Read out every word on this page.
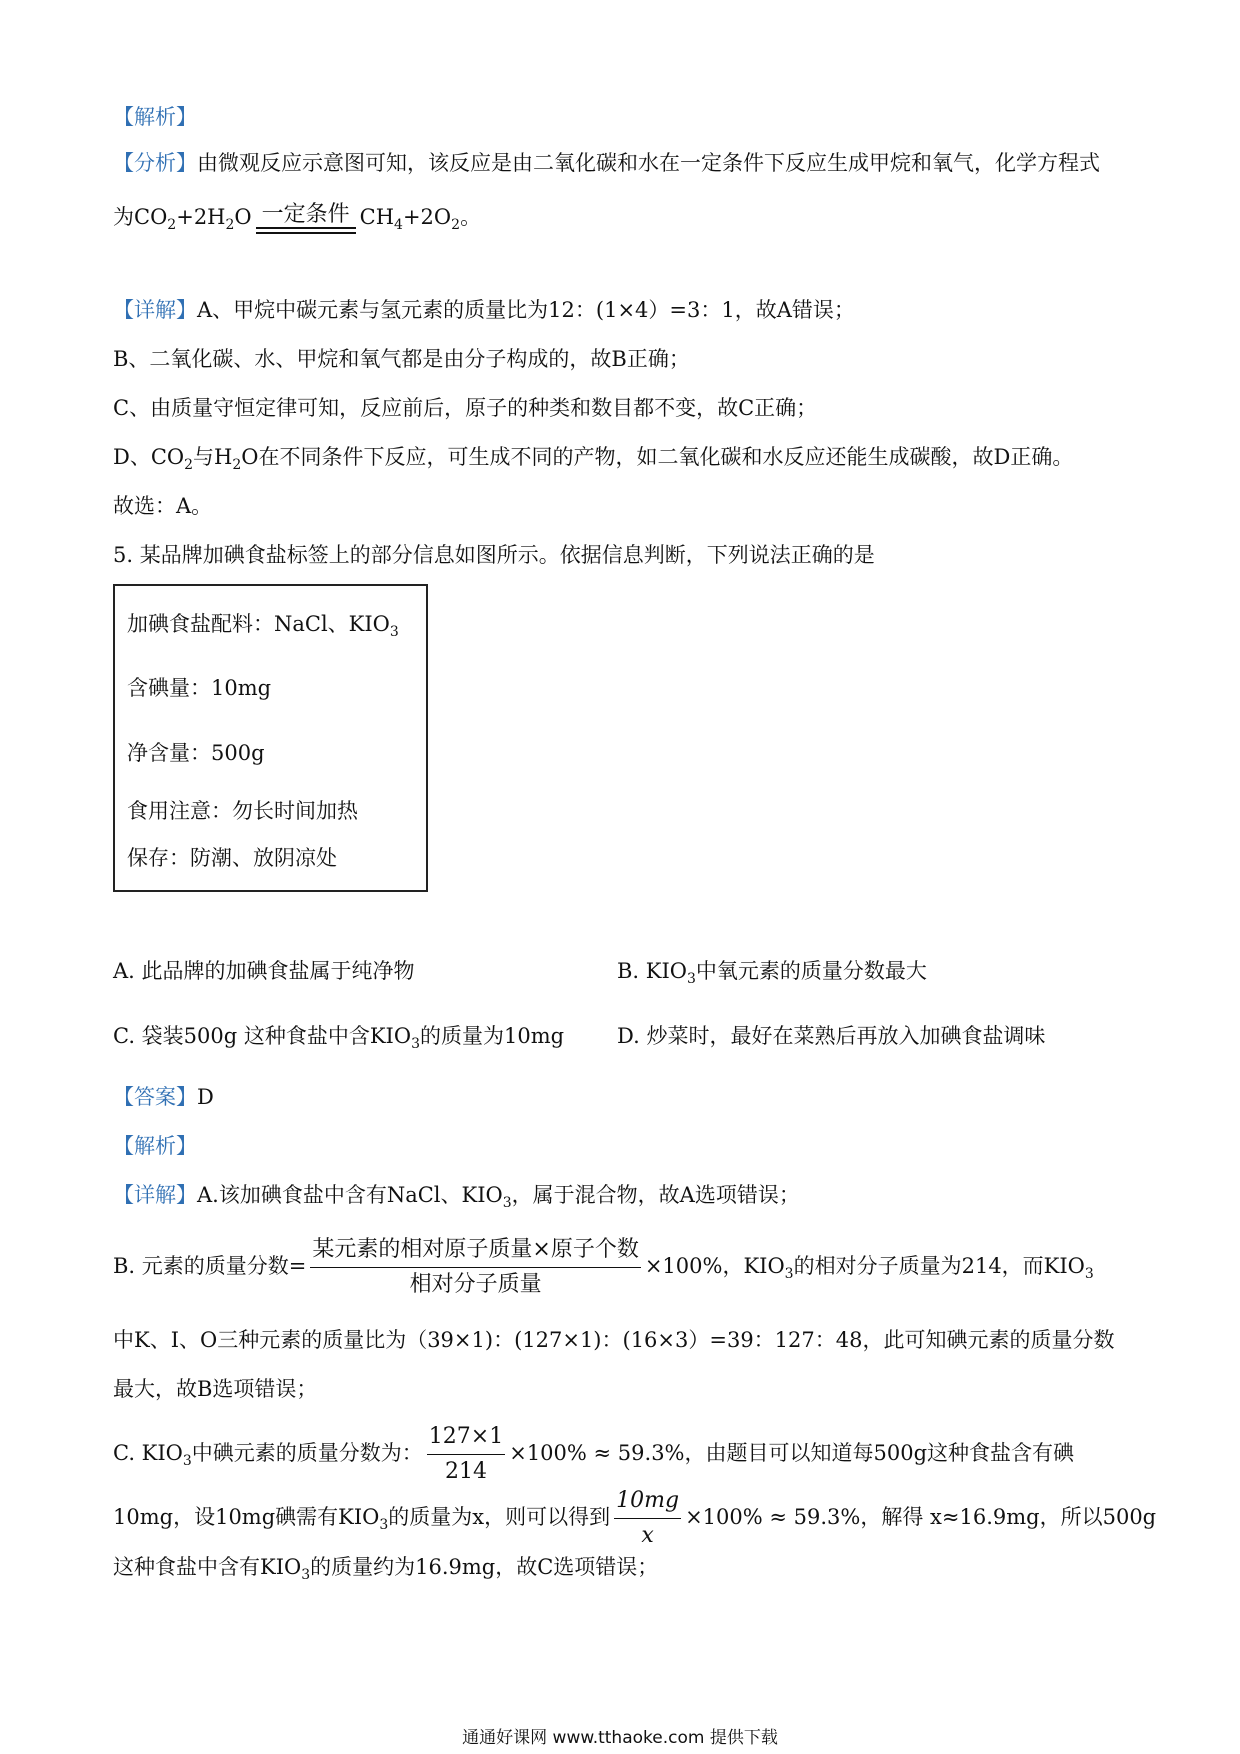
【解析】
【分析】由微观反应示意图可知，该反应是由二氧化碳和水在一定条件下反应生成甲烷和氧气，化学方程式
为$CO_2+2H_2O$ 一定条件 $CH_4+2O_2$。
【详解】A、甲烷中碳元素与氢元素的质量比为12：(1×4）=3：1，故A错误；
B、二氧化碳、水、甲烷和氧气都是由分子构成的，故B正确；
C、由质量守恒定律可知，反应前后，原子的种类和数目都不变，故C正确；
D、$CO_2$与$H_2O$在不同条件下反应，可生成不同的产物，如二氧化碳和水反应还能生成碳酸，故D正确。
故选：A。
5. 某品牌加碘食盐标签上的部分信息如图所示。依据信息判断，下列说法正确的是
加碘食盐配料：NaCl、$KIO_3$
含碘量：10mg
净含量：500g
食用注意：勿长时间加热
保存：防潮、放阴凉处
A. 此品牌的加碘食盐属于纯净物	B. $KIO_3$中氧元素的质量分数最大
C. 袋装500g 这种食盐中含$KIO_3$的质量为10mg	D. 炒菜时，最好在菜熟后再放入加碘食盐调味
【答案】D
【解析】
【详解】A.该加碘食盐中含有NaCl、$KIO_3$，属于混合物，故A选项错误；
B. 元素的质量分数= $\frac{\text{某元素的相对原子质量×原子个数}}{\text{相对分子质量}} \times 100\%$，$KIO_3$的相对分子质量为214，而$KIO_3$
中K、I、O三种元素的质量比为（39×1)：(127×1)：(16×3）=39：127：48，此可知碘元素的质量分数
最大，故B选项错误；
C. $KIO_3$中碘元素的质量分数为： $\frac{127\times 1}{214} \times 100\% \approx 59.3\%$，由题目可以知道每500g这种食盐含有碘
10mg，设10mg碘需有$KIO_3$的质量为x，则可以得到 $\frac{10mg}{x} \times 100\% \approx 59.3\%$，解得 x≈16.9mg，所以500g
这种食盐中含有$KIO_3$的质量约为16.9mg，故C选项错误；
通通好课网 www.tthaoke.com 提供下载
